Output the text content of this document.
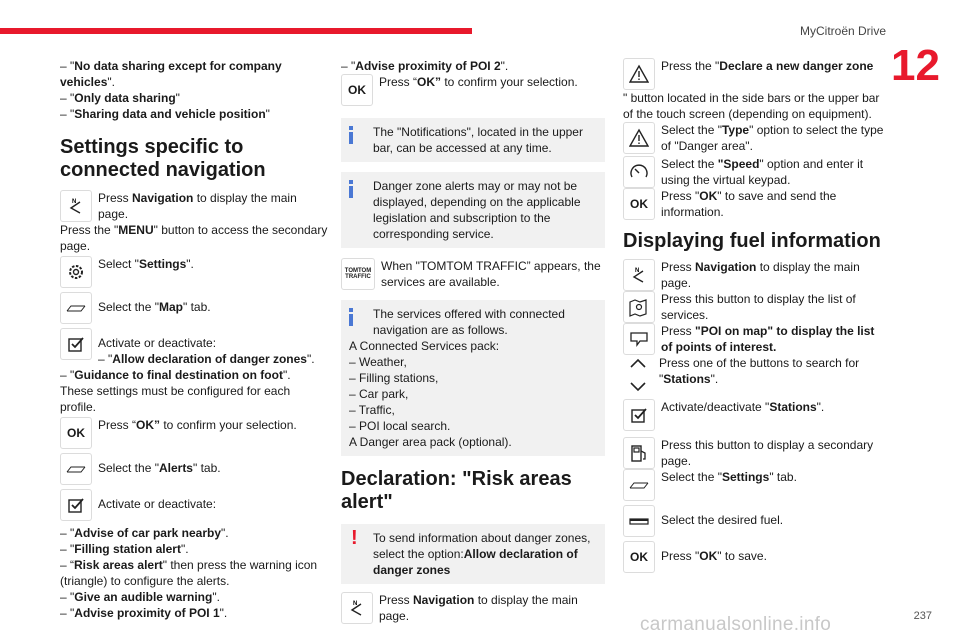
MyCitroën Drive
12
237
carmanualsonline.info

– "No data sharing except for company vehicles".

– "Only data sharing"

– "Sharing data and vehicle position"

Settings specific to connected navigation
N Press Navigation to display the main page.

Press the "MENU" button to access the secondary page.

Select "Settings".

Select the "Map" tab.

Activate or deactivate:

– "Allow declaration of danger zones".

– "Guidance to final destination on foot".

These settings must be configured for each profile.

OK

Press “OK” to confirm your selection.

Select the "Alerts" tab.

Activate or deactivate:

– "Advise of car park nearby".

– "Filling station alert".

– “Risk areas alert" then press the warning icon (triangle) to configure the alerts.

– "Give an audible warning".

– "Advise proximity of POI 1".

– "Advise proximity of POI 2".

OK

Press “OK” to confirm your selection.

The "Notifications", located in the upper bar, can be accessed at any time.

Danger zone alerts may or may not be displayed, depending on the applicable legislation and subscription to the corresponding service.

TOMTOM TRAFFIC

When "TOMTOM TRAFFIC” appears, the services are available.

The services offered with connected navigation are as follows.

A Connected Services pack:

– Weather,

– Filling stations,

– Car park,

– Traffic,

– POI local search.

A Danger area pack (optional).

Declaration: "Risk areas alert"
!	To send information about danger zones, select the option:Allow declaration of danger zones

N Press Navigation to display the main page.

Press the "Declare a new danger zone

" button located in the side bars or the upper bar of the touch screen (depending on equipment).

Select the "Type" option to select the type of "Danger area".

Select the "Speed" option and enter it using the virtual keypad.

OK

Press "OK" to save and send the information.

Displaying fuel information
N Press Navigation to display the main page.

Press this button to display the list of services.

Press "POI on map" to display the list of points of interest.

Press one of the buttons to search for "Stations".

Activate/deactivate "Stations".

Press this button to display a secondary page.

Select the "Settings" tab.

Select the desired fuel.

OK Press "OK" to save.
